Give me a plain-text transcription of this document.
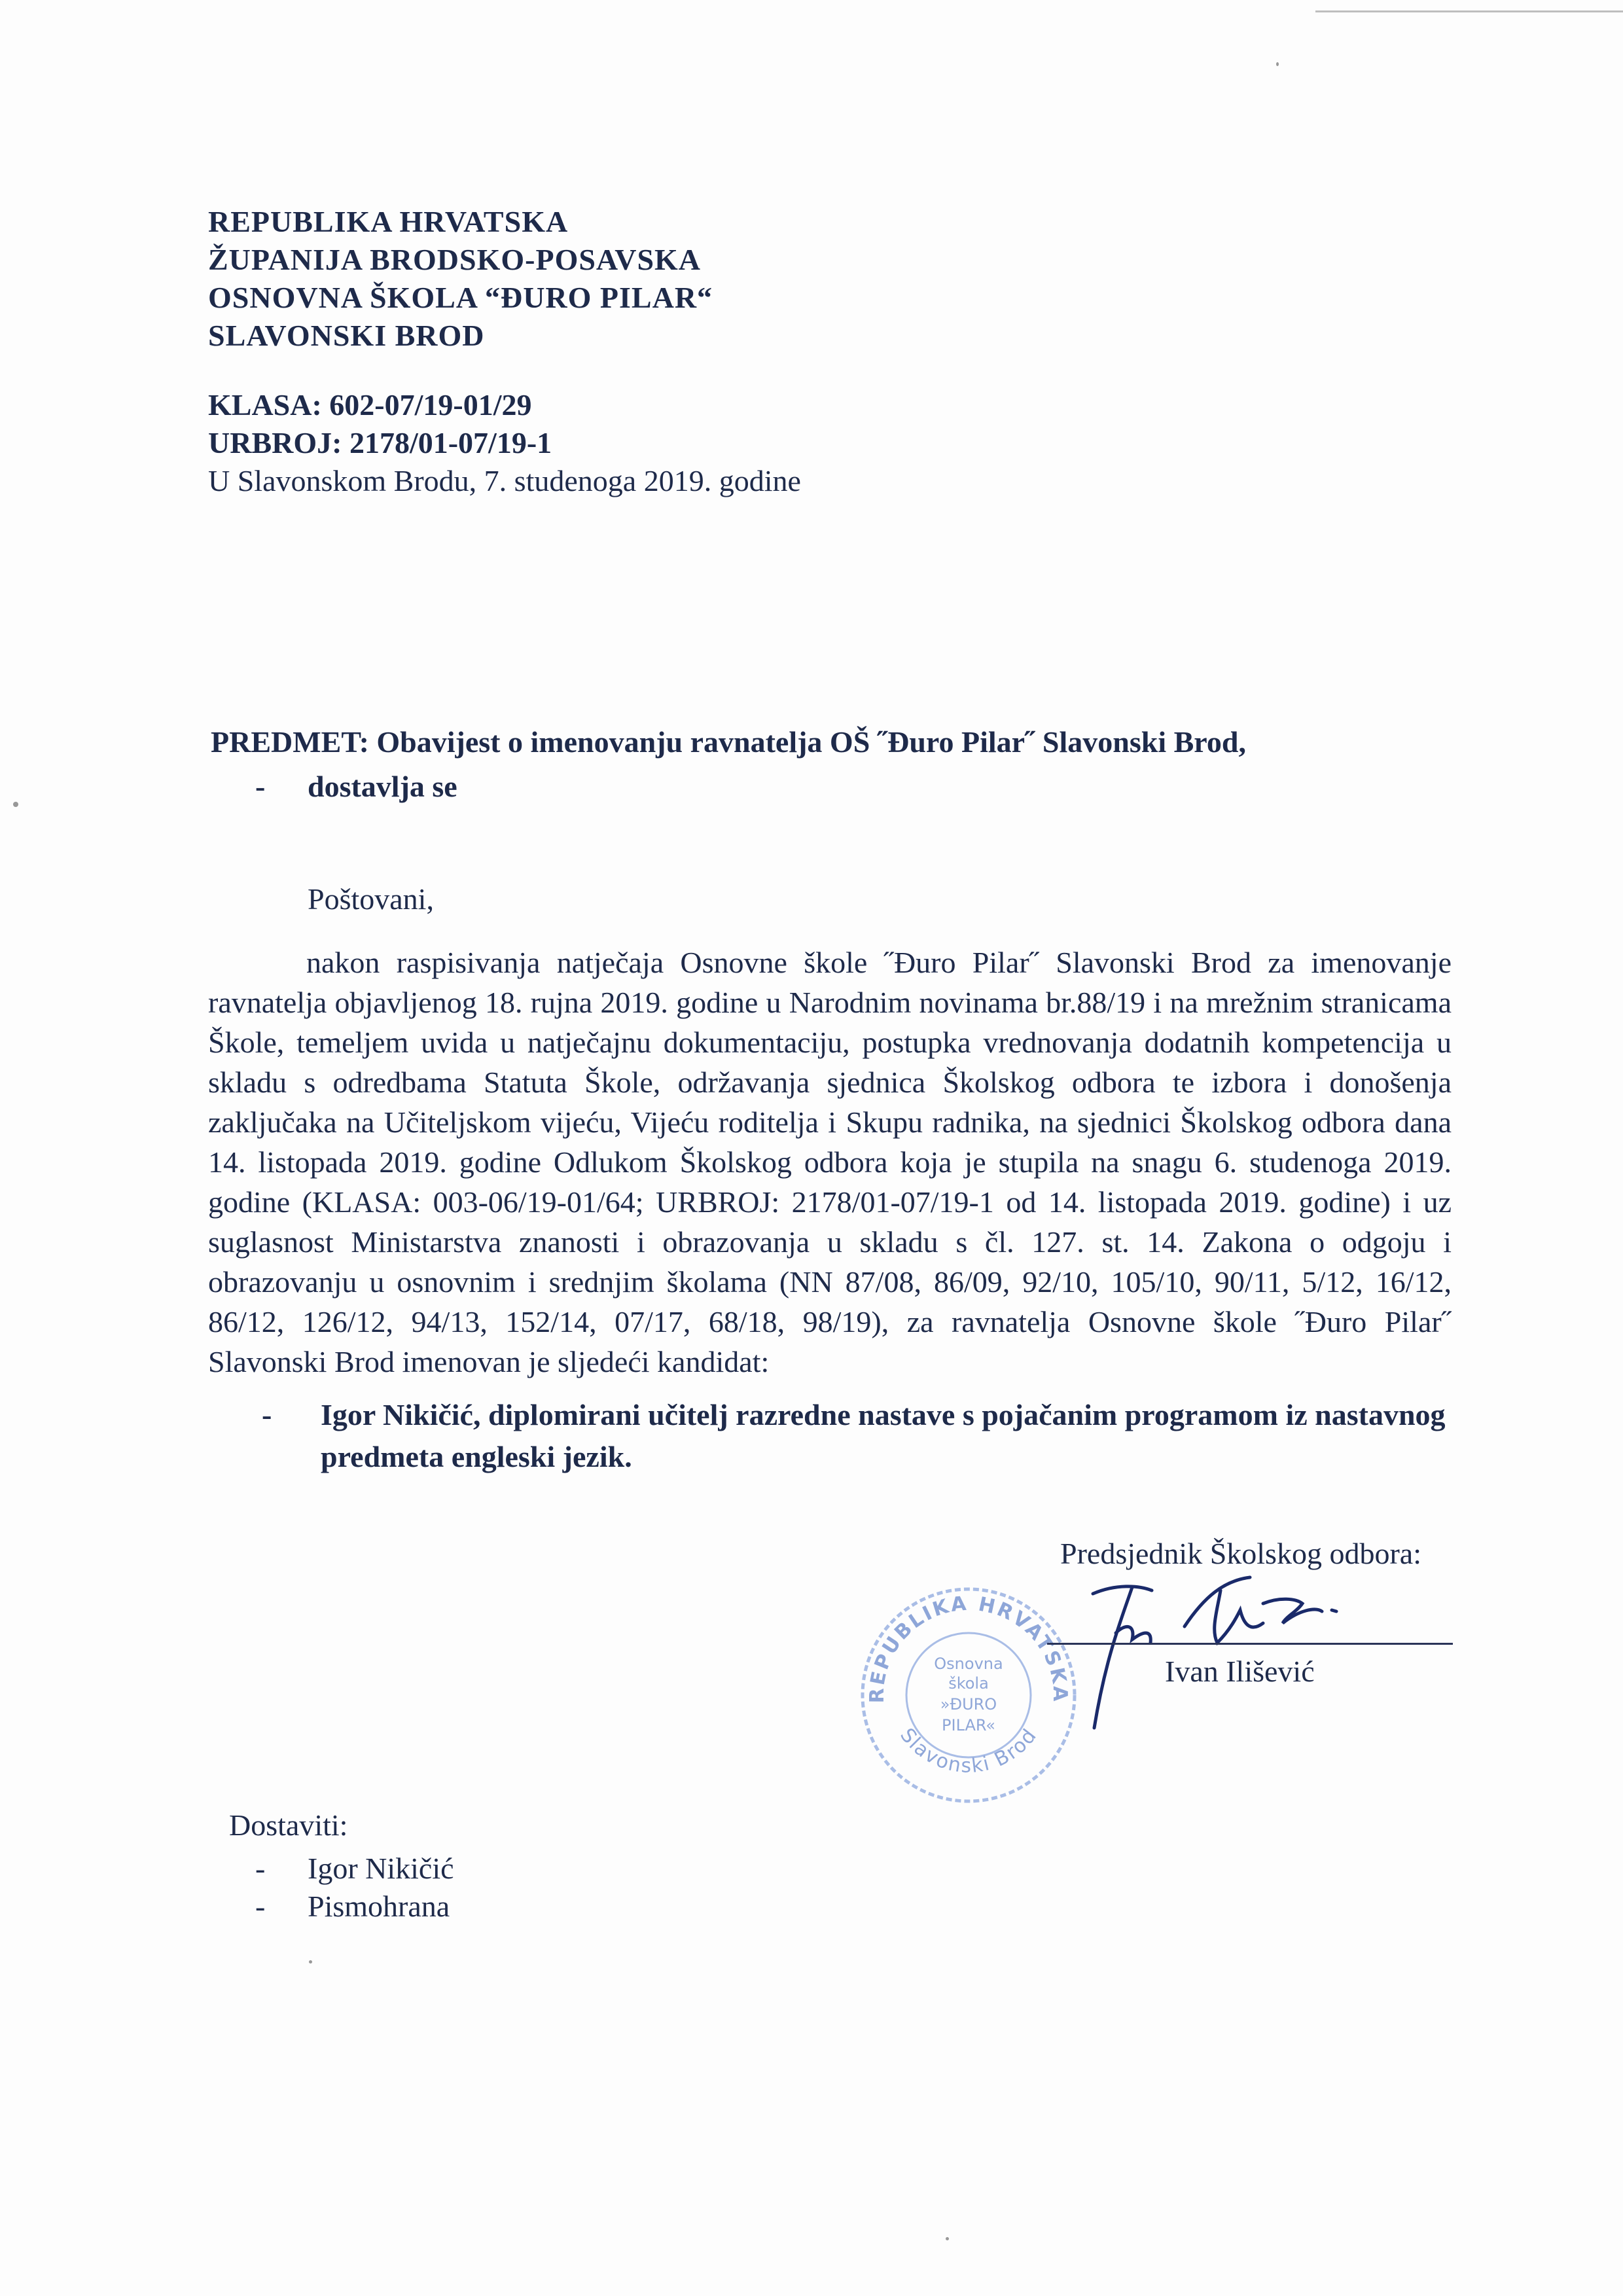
REPUBLIKA HRVATSKA
ŽUPANIJA BRODSKO-POSAVSKA
OSNOVNA ŠKOLA “ĐURO PILAR“
SLAVONSKI BROD
KLASA: 602-07/19-01/29
URBROJ: 2178/01-07/19-1
U Slavonskom Brodu, 7. studenoga 2019. godine
PREDMET: Obavijest o imenovanju ravnatelja OŠ ˝Đuro Pilar˝ Slavonski Brod,
- dostavlja se
Poštovani,
nakon raspisivanja natječaja Osnovne škole ˝Đuro Pilar˝ Slavonski Brod za imenovanje ravnatelja objavljenog 18. rujna 2019. godine u Narodnim novinama br.88/19 i na mrežnim stranicama Škole, temeljem uvida u natječajnu dokumentaciju, postupka vrednovanja dodatnih kompetencija u skladu s odredbama Statuta Škole, održavanja sjednica Školskog odbora te izbora i donošenja zaključaka na Učiteljskom vijeću, Vijeću roditelja i Skupu radnika, na sjednici Školskog odbora dana 14. listopada 2019. godine Odlukom Školskog odbora koja je stupila na snagu 6. studenoga 2019. godine (KLASA: 003-06/19-01/64; URBROJ: 2178/01-07/19-1 od 14. listopada 2019. godine) i uz suglasnost Ministarstva znanosti i obrazovanja u skladu s čl. 127. st. 14. Zakona o odgoju i obrazovanju u osnovnim i srednjim školama (NN 87/08, 86/09, 92/10, 105/10, 90/11, 5/12, 16/12, 86/12, 126/12, 94/13, 152/14, 07/17, 68/18, 98/19), za ravnatelja Osnovne škole ˝Đuro Pilar˝ Slavonski Brod imenovan je sljedeći kandidat:
-	Igor Nikičić, diplomirani učitelj razredne nastave s pojačanim programom iz nastavnog predmeta engleski jezik.
Predsjednik Školskog odbora:
REPUBLIKA HRVATSKA
Slavonski Brod
Osnovna
škola
»ĐURO
PILAR«
Ivan Ilišević
Dostaviti:
-	Igor Nikičić
-	Pismohrana
